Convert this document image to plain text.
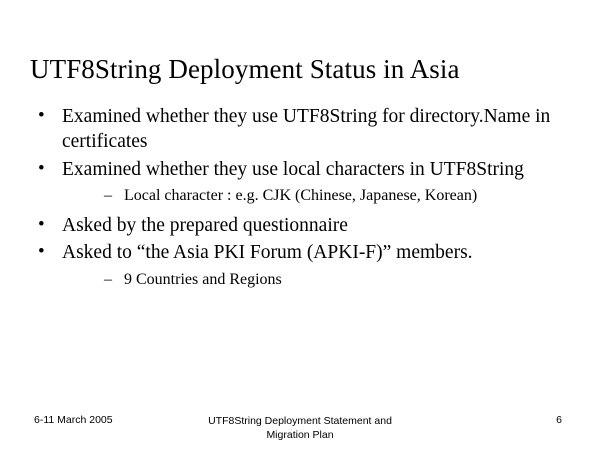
UTF8String Deployment Status in Asia
• Examined whether they use UTF8String for directory.Name in certificates
• Examined whether they use local characters in UTF8String
– Local character : e.g. CJK (Chinese, Japanese, Korean)
• Asked by the prepared questionnaire
• Asked to “the Asia PKI Forum (APKI-F)” members.
– 9 Countries and Regions
6-11 March 2005	UTF8String Deployment Statement and
Migration Plan
6
